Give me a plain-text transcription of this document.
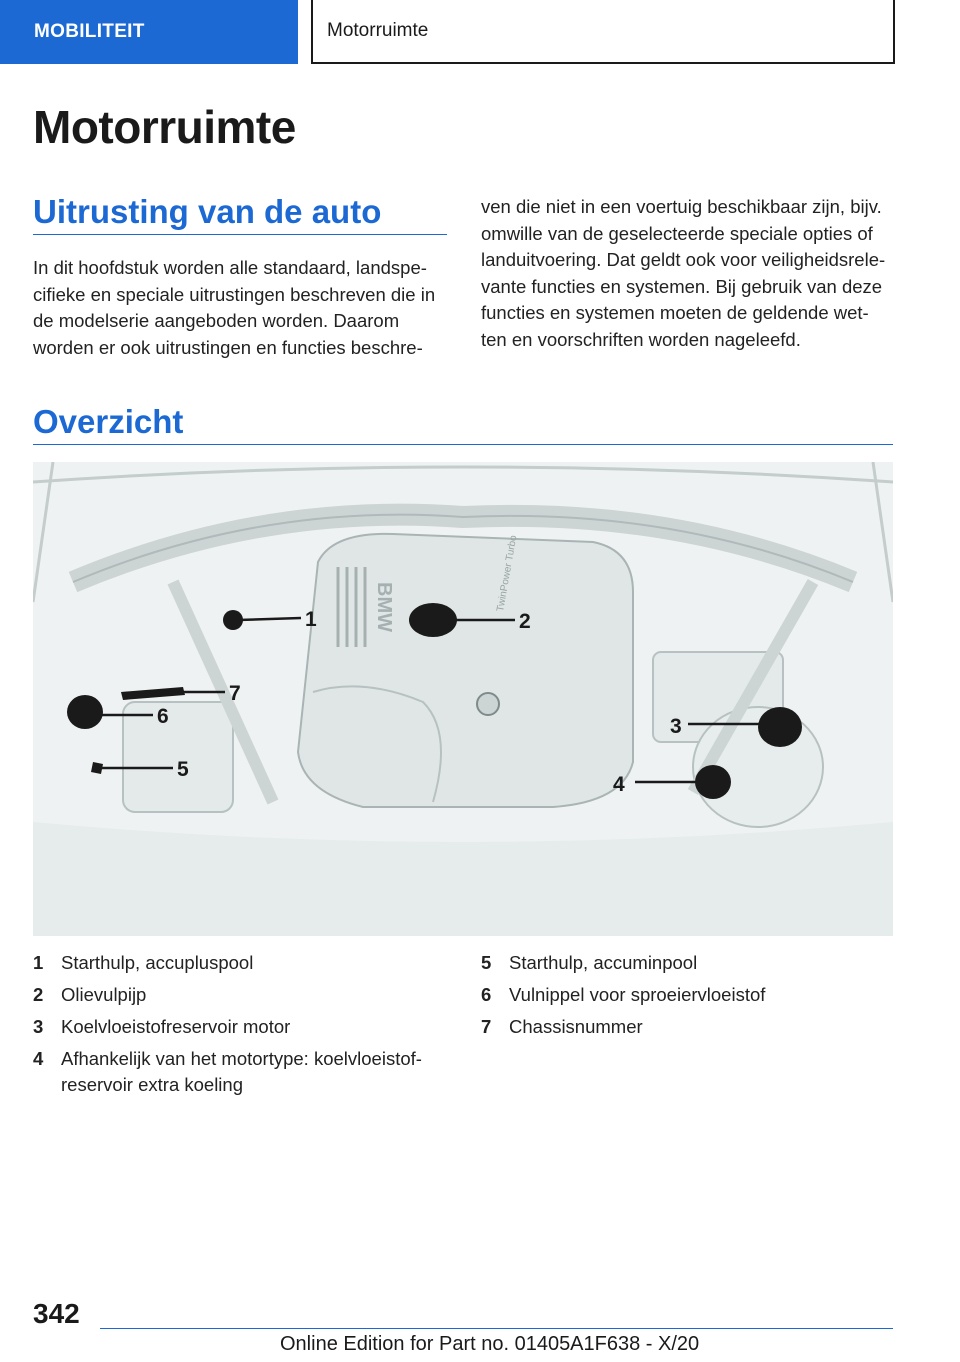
MOBILITEIT	Motorruimte
Motorruimte
Uitrusting van de auto

In dit hoofdstuk worden alle standaard, landspe-
cifieke en speciale uitrustingen beschreven die in
de modelserie aangeboden worden. Daarom
worden er ook uitrustingen en functies beschre-

ven die niet in een voertuig beschikbaar zijn, bijv.
omwille van de geselecteerde speciale opties of
landuitvoering. Dat geldt ook voor veiligheidsrele-
vante functies en systemen. Bij gebruik van deze
functies en systemen moeten de geldende wet-
ten en voorschriften worden nageleefd.

Overzicht
BMW	TwinPower Turbo
1	2
3
4
5
6
7
1 Starthulp, accupluspool
2 Olievulpijp
3 Koelvloeistofreservoir motor
4 Afhankelijk van het motortype: koelvloeistof-reservoir extra koeling
5 Starthulp, accuminpool
6 Vulnippel voor sproeiervloeistof
7 Chassisnummer
342
Online Edition for Part no. 01405A1F638 - X/20
